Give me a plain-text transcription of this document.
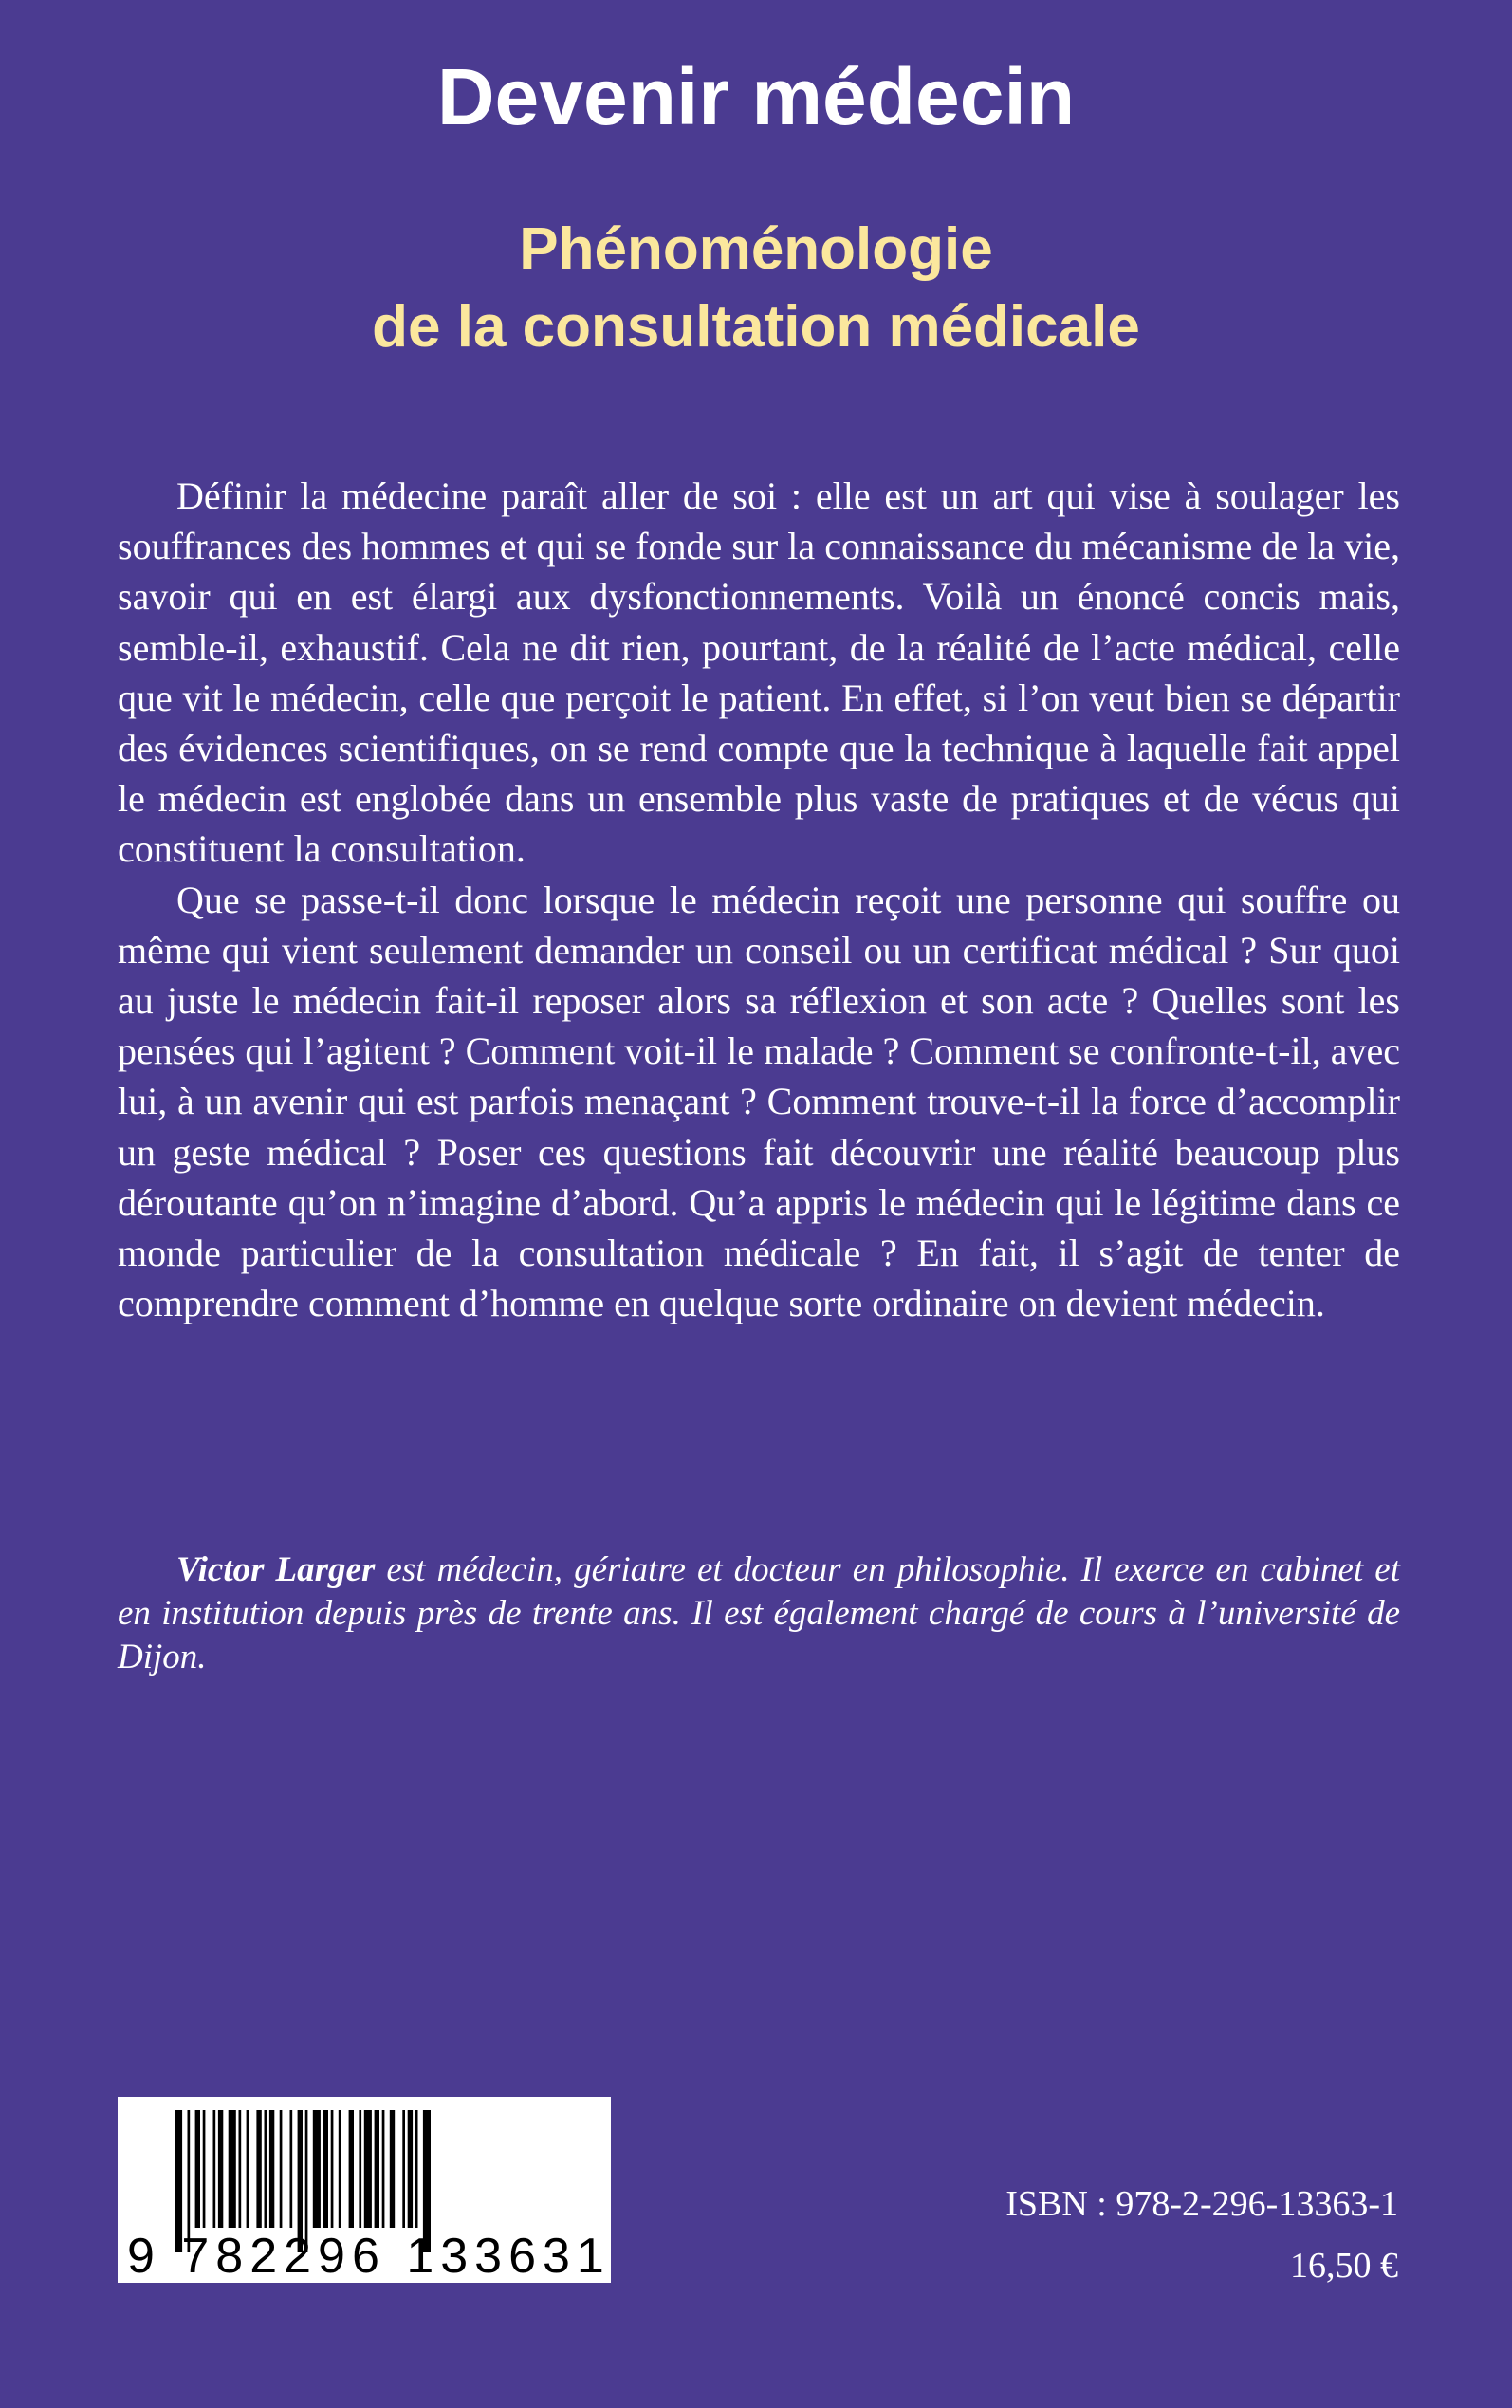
Devenir médecin
Phénoménologie
de la consultation médicale

Définir la médecine paraît aller de soi : elle est un art qui vise à soulager les souffrances des hommes et qui se fonde sur la connaissance du mécanisme de la vie, savoir qui en est élargi aux dysfonctionnements. Voilà un énoncé concis mais, semble-il, exhaustif. Cela ne dit rien, pourtant, de la réalité de l’acte médical, celle que vit le médecin, celle que perçoit le patient. En effet, si l’on veut bien se départir des évidences scientifiques, on se rend compte que la technique à laquelle fait appel le médecin est englobée dans un ensemble plus vaste de pratiques et de vécus qui constituent la consultation.

Que se passe-t-il donc lorsque le médecin reçoit une personne qui souffre ou même qui vient seulement demander un conseil ou un certificat médical ? Sur quoi au juste le médecin fait-il reposer alors sa réflexion et son acte ? Quelles sont les pensées qui l’agitent ? Comment voit-il le malade ? Comment se confronte-t-il, avec lui, à un avenir qui est parfois menaçant ? Comment trouve-t-il la force d’accomplir un geste médical ? Poser ces questions fait découvrir une réalité beaucoup plus déroutante qu’on n’imagine d’abord. Qu’a appris le médecin qui le légitime dans ce monde particulier de la consultation médicale ? En fait, il s’agit de tenter de comprendre comment d’homme en quelque sorte ordinaire on devient médecin.

Victor Larger est médecin, gériatre et docteur en philosophie. Il exerce en cabinet et en institution depuis près de trente ans. Il est également chargé de cours à l’université de Dijon.

9 782296 133631
ISBN : 978-2-296-13363-1
16,50 €
